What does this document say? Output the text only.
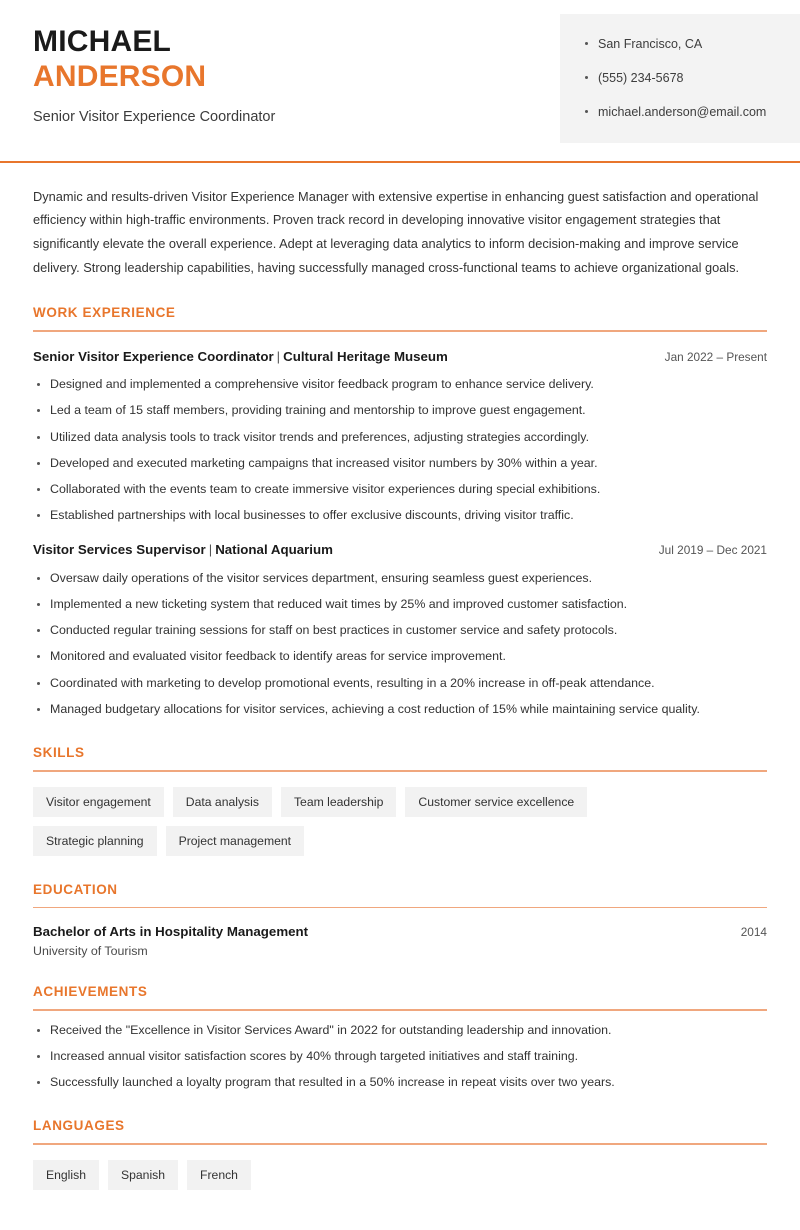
MICHAEL
ANDERSON
Senior Visitor Experience Coordinator
San Francisco, CA
(555) 234-5678
michael.anderson@email.com

Dynamic and results-driven Visitor Experience Manager with extensive expertise in enhancing guest satisfaction and operational efficiency within high-traffic environments. Proven track record in developing innovative visitor engagement strategies that significantly elevate the overall experience. Adept at leveraging data analytics to inform decision-making and improve service delivery. Strong leadership capabilities, having successfully managed cross-functional teams to achieve organizational goals.

WORK EXPERIENCE
Senior Visitor Experience Coordinator | Cultural Heritage Museum	Jan 2022 – Present
Designed and implemented a comprehensive visitor feedback program to enhance service delivery.
Led a team of 15 staff members, providing training and mentorship to improve guest engagement.
Utilized data analysis tools to track visitor trends and preferences, adjusting strategies accordingly.
Developed and executed marketing campaigns that increased visitor numbers by 30% within a year.
Collaborated with the events team to create immersive visitor experiences during special exhibitions.
Established partnerships with local businesses to offer exclusive discounts, driving visitor traffic.
Visitor Services Supervisor | National Aquarium	Jul 2019 – Dec 2021
Oversaw daily operations of the visitor services department, ensuring seamless guest experiences.
Implemented a new ticketing system that reduced wait times by 25% and improved customer satisfaction.
Conducted regular training sessions for staff on best practices in customer service and safety protocols.
Monitored and evaluated visitor feedback to identify areas for service improvement.
Coordinated with marketing to develop promotional events, resulting in a 20% increase in off-peak attendance.
Managed budgetary allocations for visitor services, achieving a cost reduction of 15% while maintaining service quality.
SKILLS
Visitor engagement	Data analysis	Team leadership	Customer service excellence
Strategic planning	Project management
EDUCATION
Bachelor of Arts in Hospitality Management	2014
University of Tourism
ACHIEVEMENTS
Received the "Excellence in Visitor Services Award" in 2022 for outstanding leadership and innovation.
Increased annual visitor satisfaction scores by 40% through targeted initiatives and staff training.
Successfully launched a loyalty program that resulted in a 50% increase in repeat visits over two years.
LANGUAGES
English	Spanish	French
